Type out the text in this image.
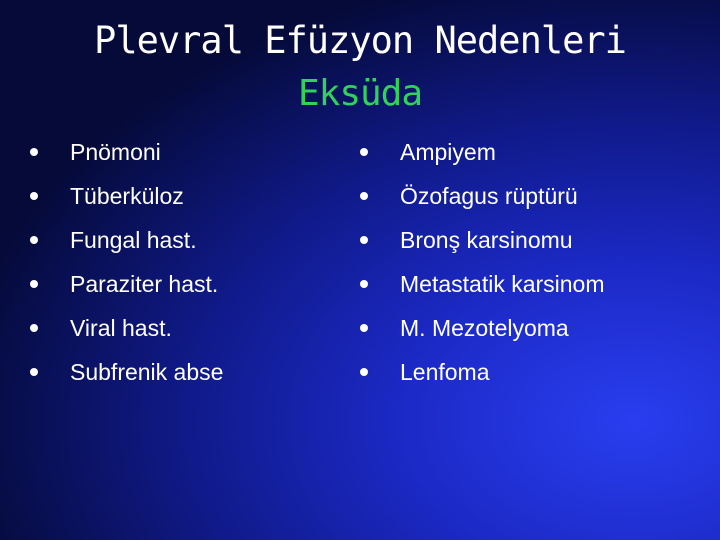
Plevral Efüzyon Nedenleri
Eksüda
Pnömoni
Tüberküloz
Fungal hast.
Paraziter hast.
Viral hast.
Subfrenik abse
Ampiyem
Özofagus rüptürü
Bronş karsinomu
Metastatik karsinom
M. Mezotelyoma
Lenfoma
